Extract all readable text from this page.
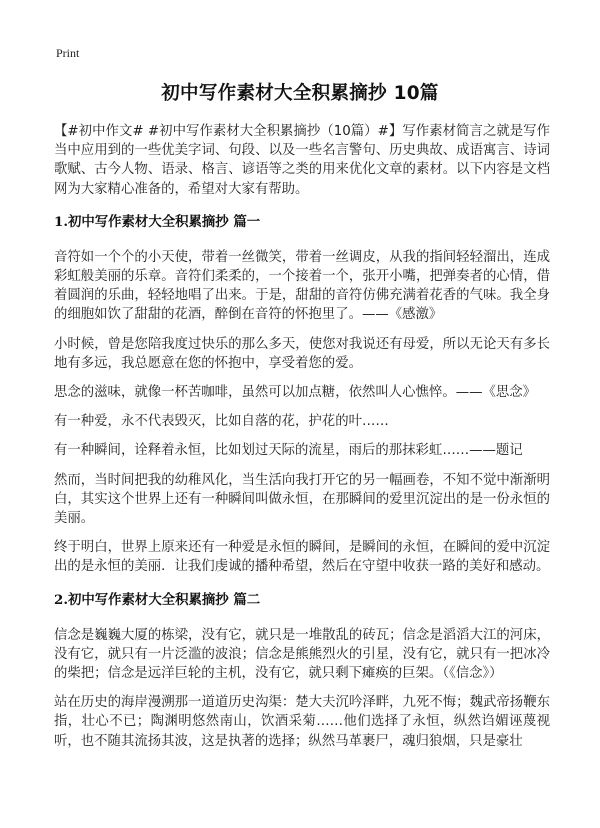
Print
初中写作素材大全积累摘抄 10篇

【#初中作文# #初中写作素材大全积累摘抄（10篇）#】写作素材简言之就是写作当中应用到的一些优美字词、句段、以及一些名言警句、历史典故、成语寓言、诗词歌赋、古今人物、语录、格言、谚语等之类的用来优化文章的素材。以下内容是文档网为大家精心准备的，希望对大家有帮助。

1.初中写作素材大全积累摘抄 篇一

音符如一个个的小天使，带着一丝微笑，带着一丝调皮，从我的指间轻轻溜出，连成彩虹般美丽的乐章。音符们柔柔的，一个接着一个，张开小嘴，把弹奏者的心情，借着圆润的乐曲，轻轻地唱了出来。于是，甜甜的音符仿佛充满着花香的气味。我全身的细胞如饮了甜甜的花酒，醉倒在音符的怀抱里了。——《感激》

小时候，曾是您陪我度过快乐的那么多天，使您对我说还有母爱，所以无论天有多长地有多远，我总愿意在您的怀抱中，享受着您的爱。

思念的滋味，就像一杯苦咖啡，虽然可以加点糖，依然叫人心憔悴。——《思念》

有一种爱，永不代表毁灭，比如自落的花，护花的叶……

有一种瞬间，诠释着永恒，比如划过天际的流星，雨后的那抹彩虹……——题记

然而，当时间把我的幼稚风化，当生活向我打开它的另一幅画卷，不知不觉中渐渐明白，其实这个世界上还有一种瞬间叫做永恒，在那瞬间的爱里沉淀出的是一份永恒的美丽。

终于明白，世界上原来还有一种爱是永恒的瞬间，是瞬间的永恒，在瞬间的爱中沉淀出的是永恒的美丽．让我们虔诚的播种希望，然后在守望中收获一路的美好和感动。

2.初中写作素材大全积累摘抄 篇二

信念是巍巍大厦的栋梁，没有它，就只是一堆散乱的砖瓦；信念是滔滔大江的河床，没有它，就只有一片泛滥的波浪；信念是熊熊烈火的引星，没有它，就只有一把冰冷的柴把；信念是远洋巨轮的主机，没有它，就只剩下瘫痪的巨架。（《信念》）

站在历史的海岸漫溯那一道道历史沟渠：楚大夫沉吟泽畔，九死不悔；魏武帝扬鞭东指，壮心不已；陶渊明悠然南山，饮酒采菊……他们选择了永恒，纵然诌媚诬蔑视听，也不随其流扬其波，这是执著的选择；纵然马革裹尸，魂归狼烟，只是豪壮
